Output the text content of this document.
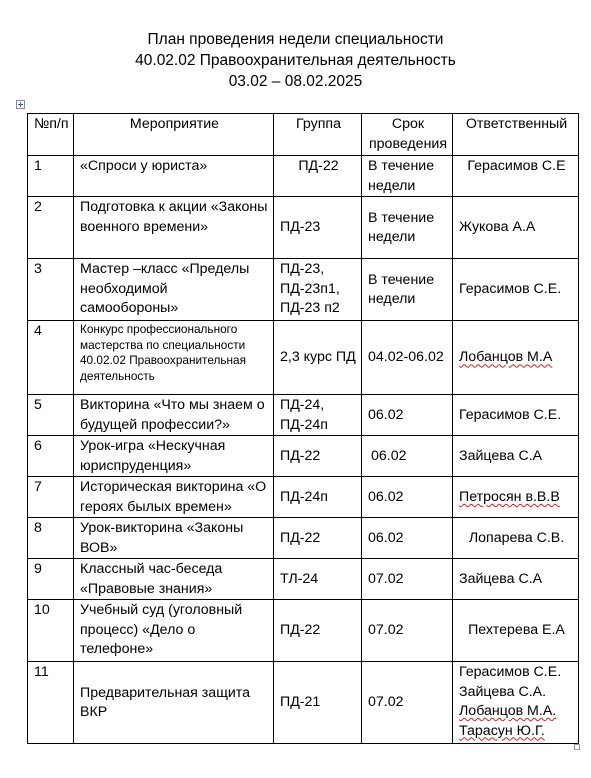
План проведения недели специальности
40.02.02 Правоохранительная деятельность
03.02 – 08.02.2025
№п/п	Мероприятие	Группа	Срок проведения	Ответственный
1	«Спроси у юриста»	ПД-22	В течение недели	Герасимов С.Е

2	Подготовка к акции «Законы военного времени»	ПД-23	В течение недели	Жукова А.А

3	Мастер –класс «Пределы необходимой самообороны»	ПД-23, ПД-23п1, ПД-23 п2	В течение недели	Герасимов С.Е.

4	Конкурс профессионального мастерства по специальности 40.02.02 Правоохранительная деятельность	2,3 курс ПД	04.02-06.02	Лобанцов М.А

5	Викторина «Что мы знаем о будущей профессии?»	ПД-24, ПД-24п	06.02	Герасимов С.Е.

6	Урок-игра «Нескучная юриспруденция»	ПД-22	06.02	Зайцева С.А

7	Историческая викторина «О героях былых времен»	ПД-24п	06.02	Петросян в.В.В

8	Урок-викторина «Законы ВОВ»	ПД-22	06.02	Лопарева С.В.

9	Классный час-беседа «Правовые знания»	ТЛ-24	07.02	Зайцева С.А

10	Учебный суд (уголовный процесс) «Дело о телефоне»	ПД-22	07.02	Пехтерева Е.А

11	Предварительная защита ВКР	ПД-21	07.02	Герасимов С.Е.
Зайцева С.А.
Лобанцов М.А.
Тарасун Ю.Г.
